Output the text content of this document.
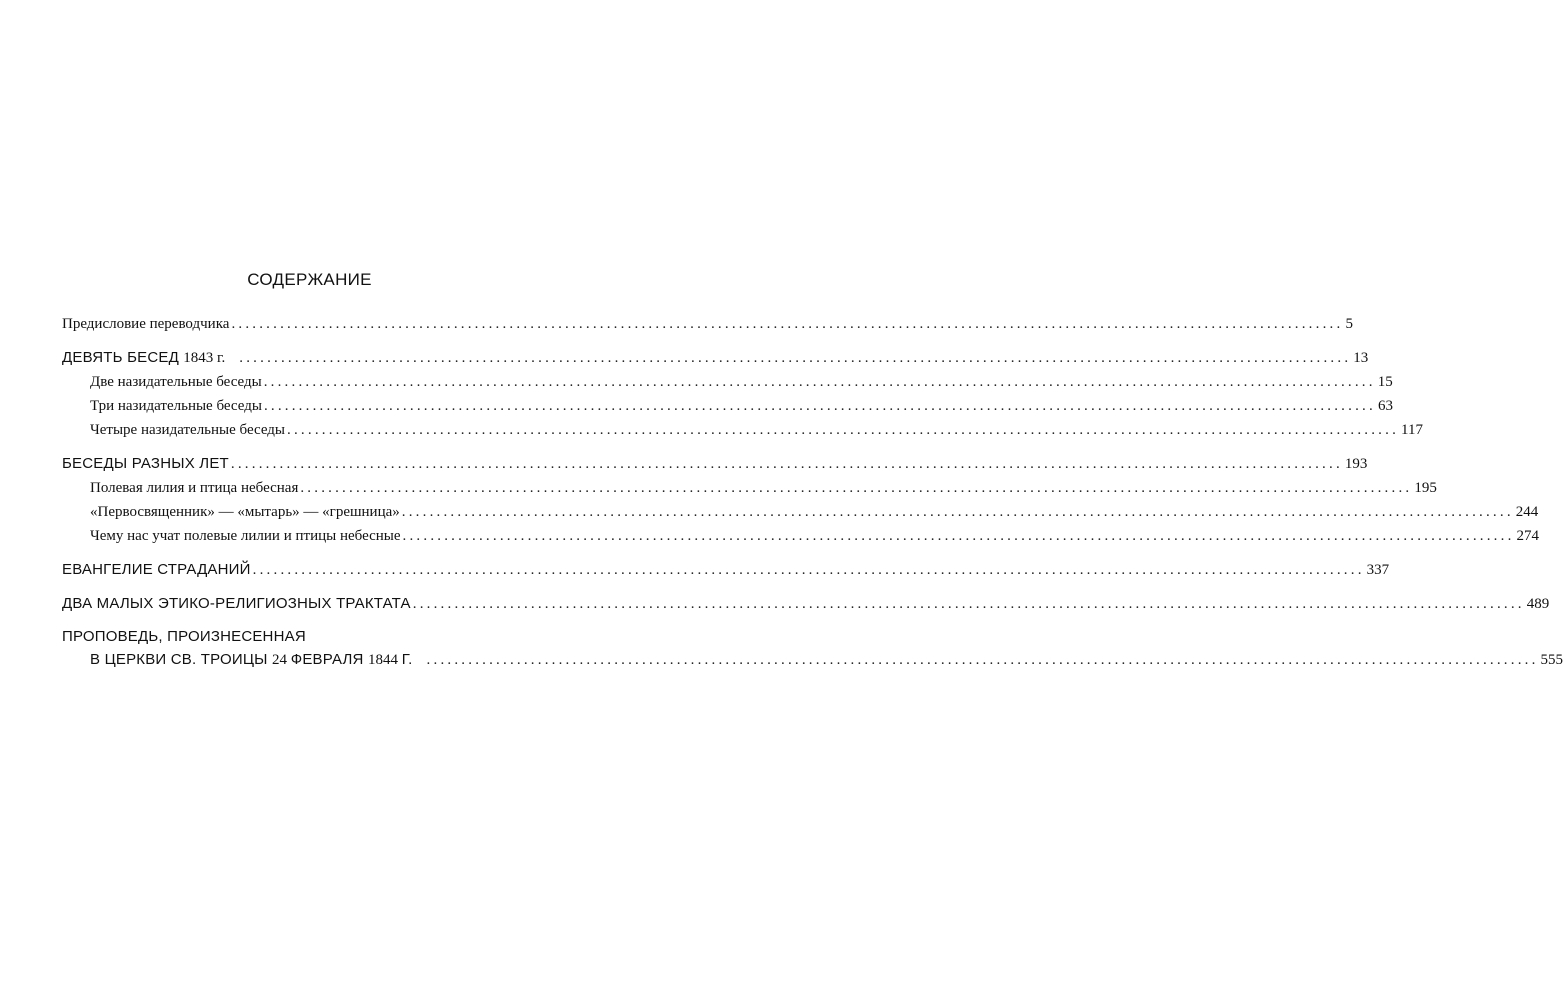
СОДЕРЖАНИЕ
Предисловие переводчика ................................................................................................................................................................ 5
ДЕВЯТЬ БЕСЕД 1843 г. ................................................................................................................................................................ 13
Две назидательные беседы ................................................................................................................................................................ 15
Три назидательные беседы ................................................................................................................................................................ 63
Четыре назидательные беседы ................................................................................................................................................................ 117
БЕСЕДЫ РАЗНЫХ ЛЕТ ................................................................................................................................................................ 193
Полевая лилия и птица небесная ................................................................................................................................................................ 195
«Первосвященник» — «мытарь» — «грешница» ................................................................................................................................................................ 244
Чему нас учат полевые лилии и птицы небесные ................................................................................................................................................................ 274
ЕВАНГЕЛИЕ СТРАДАНИЙ ................................................................................................................................................................ 337
ДВА МАЛЫХ ЭТИКО-РЕЛИГИОЗНЫХ ТРАКТАТА ................................................................................................................................................................ 489
ПРОПОВЕДЬ, ПРОИЗНЕСЕННАЯ
В ЦЕРКВИ СВ. ТРОИЦЫ 24 ФЕВРАЛЯ 1844 Г. ................................................................................................................................................................ 555
